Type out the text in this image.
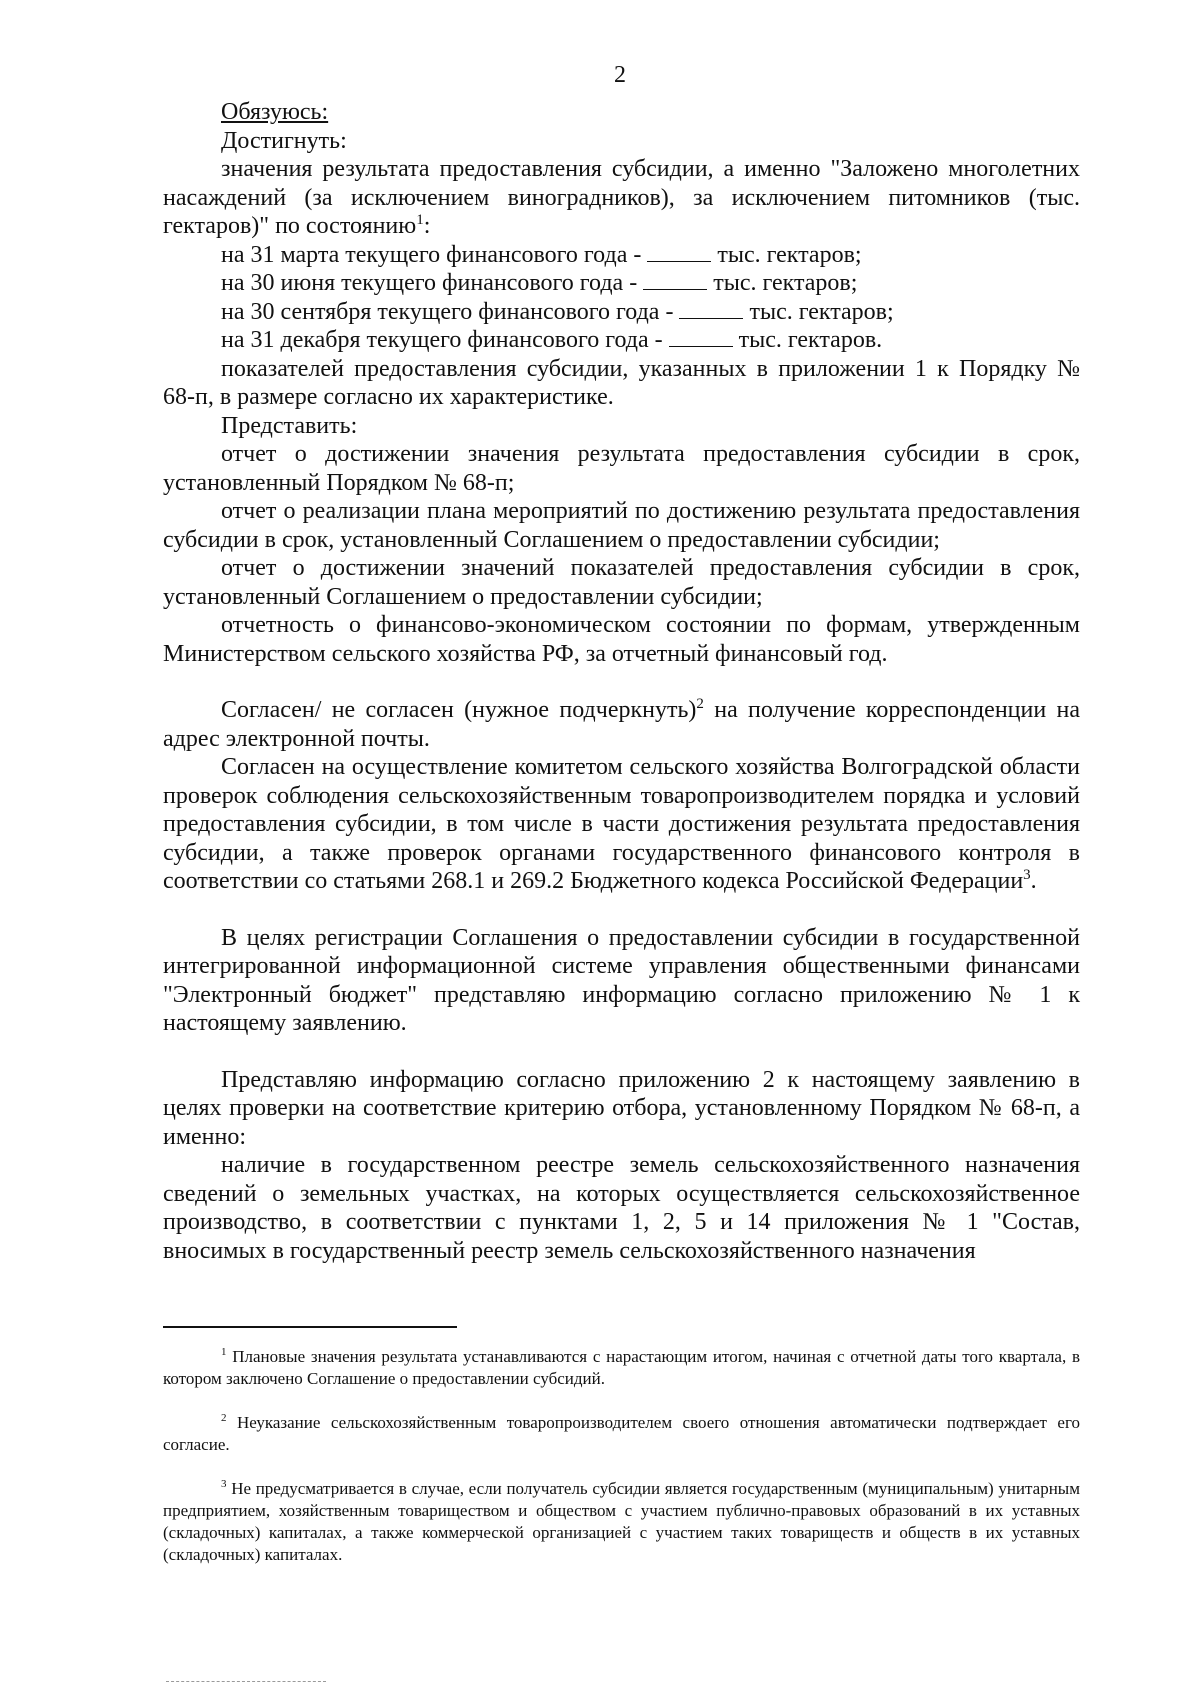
2

Обязуюсь:

Достигнуть:

значения результата предоставления субсидии, а именно "Заложено многолетних насаждений (за исключением виноградников), за исключением питомников (тыс. гектаров)" по состоянию$^1$:

на 31 марта текущего финансового года -	тыс. гектаров;

на 30 июня текущего финансового года -	тыс. гектаров;

на 30 сентября текущего финансового года -	тыс. гектаров;

на 31 декабря текущего финансового года -	тыс. гектаров.

показателей предоставления субсидии, указанных в приложении 1 к Порядку № 68-п, в размере согласно их характеристике.

Представить:

отчет о достижении значения результата предоставления субсидии в срок, установленный Порядком № 68-п;

отчет о реализации плана мероприятий по достижению результата предоставления субсидии в срок, установленный Соглашением о предоставлении субсидии;

отчет о достижении значений показателей предоставления субсидии в срок, установленный Соглашением о предоставлении субсидии;

отчетность о финансово-экономическом состоянии по формам, утвержденным Министерством сельского хозяйства РФ, за отчетный финансовый год.

Согласен/ не согласен (нужное подчеркнуть)$^2$ на получение корреспонденции на адрес электронной почты.

Согласен на осуществление комитетом сельского хозяйства Волгоградской области проверок соблюдения сельскохозяйственным товаропроизводителем порядка и условий предоставления субсидии, в том числе в части достижения результата предоставления субсидии, а также проверок органами государственного финансового контроля в соответствии со статьями 268.1 и 269.2 Бюджетного кодекса Российской Федерации$^3$.

В целях регистрации Соглашения о предоставлении субсидии в государственной интегрированной информационной системе управления общественными финансами "Электронный бюджет" представляю информацию согласно приложению № 1 к настоящему заявлению.

Представляю информацию согласно приложению 2 к настоящему заявлению в целях проверки на соответствие критерию отбора, установленному Порядком № 68-п, а именно:

наличие в государственном реестре земель сельскохозяйственного назначения сведений о земельных участках, на которых осуществляется сельскохозяйственное производство, в соответствии с пунктами 1, 2, 5 и 14 приложения № 1 "Состав, вносимых в государственный реестр земель сельскохозяйственного назначения

$^1$ Плановые значения результата устанавливаются с нарастающим итогом, начиная с отчетной даты того квартала, в котором заключено Соглашение о предоставлении субсидий.

$^2$ Неуказание сельскохозяйственным товаропроизводителем своего отношения автоматически подтверждает его согласие.

$^3$ Не предусматривается в случае, если получатель субсидии является государственным (муниципальным) унитарным предприятием, хозяйственным товариществом и обществом с участием публично-правовых образований в их уставных (складочных) капиталах, а также коммерческой организацией с участием таких товариществ и обществ в их уставных (складочных) капиталах.
